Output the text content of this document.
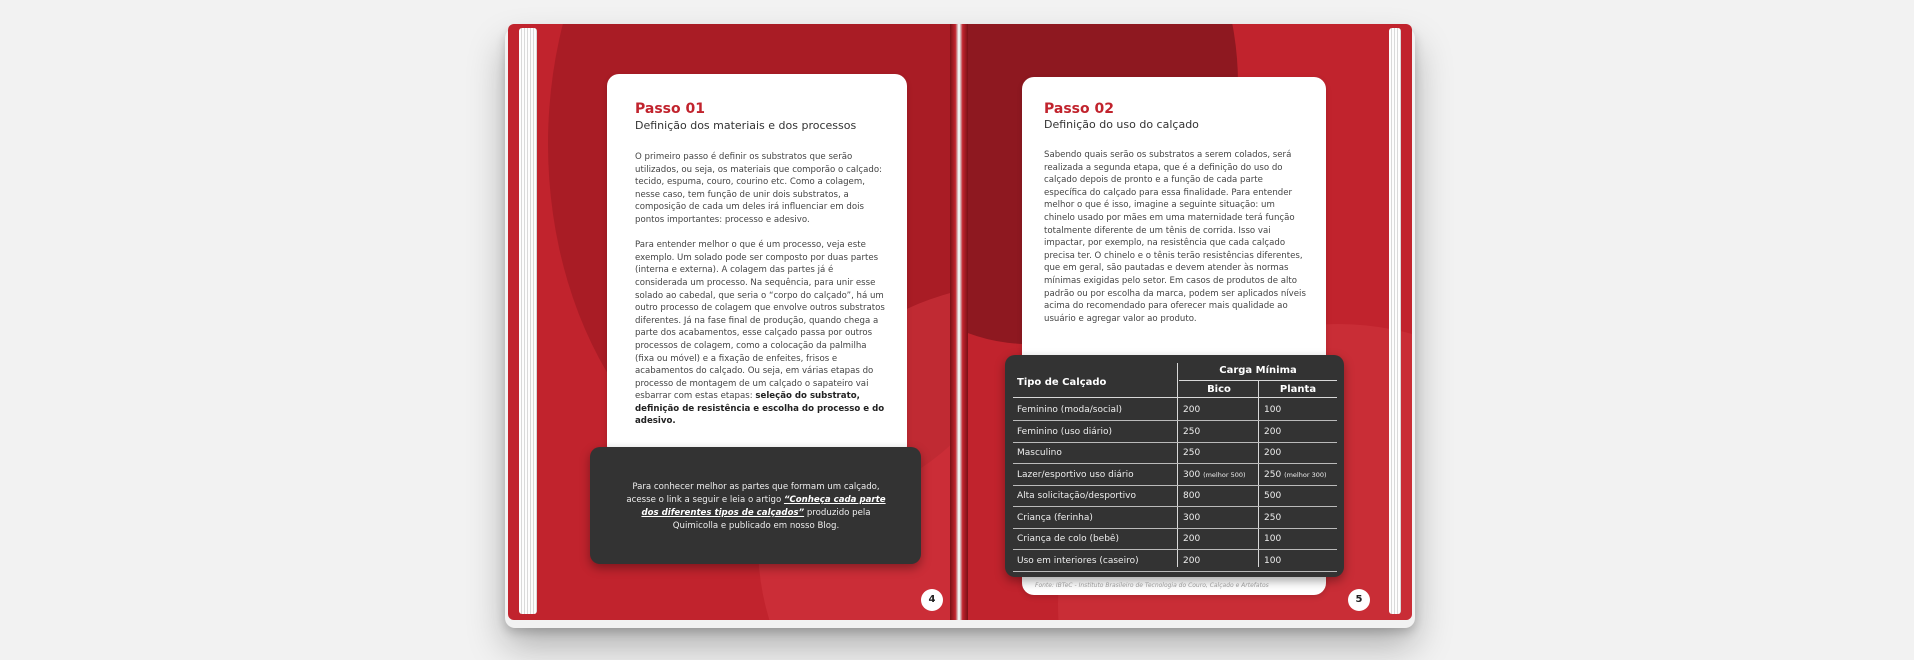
Passo 01
Definição dos materiais e dos processos

O primeiro passo é definir os substratos que serão utilizados, ou seja, os materiais que comporão o calçado: tecido, espuma, couro, courino etc. Como a colagem, nesse caso, tem função de unir dois substratos, a composição de cada um deles irá influenciar em dois pontos importantes: processo e adesivo.

Para entender melhor o que é um processo, veja este exemplo. Um solado pode ser composto por duas partes (interna e externa). A colagem das partes já é considerada um processo. Na sequência, para unir esse solado ao cabedal, que seria o “corpo do calçado”, há um outro processo de colagem que envolve outros substratos diferentes. Já na fase final de produção, quando chega a parte dos acabamentos, esse calçado passa por outros processos de colagem, como a colocação da palmilha (fixa ou móvel) e a fixação de enfeites, frisos e acabamentos do calçado. Ou seja, em várias etapas do processo de montagem de um calçado o sapateiro vai esbarrar com estas etapas: seleção do substrato, definição de resistência e escolha do processo e do adesivo.

Para conhecer melhor as partes que formam um calçado, acesse o link a seguir e leia o artigo “Conheça cada parte dos diferentes tipos de calçados” produzido pela Quimicolla e publicado em nosso Blog.
Passo 02
Definição do uso do calçado

Sabendo quais serão os substratos a serem colados, será realizada a segunda etapa, que é a definição do uso do calçado depois de pronto e a função de cada parte específica do calçado para essa finalidade. Para entender melhor o que é isso, imagine a seguinte situação: um chinelo usado por mães em uma maternidade terá função totalmente diferente de um tênis de corrida. Isso vai impactar, por exemplo, na resistência que cada calçado precisa ter. O chinelo e o tênis terão resistências diferentes, que em geral, são pautadas e devem atender às normas mínimas exigidas pelo setor. Em casos de produtos de alto padrão ou por escolha da marca, podem ser aplicados níveis acima do recomendado para oferecer mais qualidade ao usuário e agregar valor ao produto.

Tipo de Calçado
Carga Mínima
Bico	Planta
Feminino (moda/social)	200	100
Feminino (uso diário)	250	200
Masculino	250	200
Lazer/esportivo uso diário	300 (melhor 500) 250 (melhor 300)
Alta solicitação/desportivo	800	500
Criança (ferinha)	300	250
Criança de colo (bebê)	200	100
Uso em interiores (caseiro)	200	100
Fonte: IBTeC - Instituto Brasileiro de Tecnologia do Couro, Calçado e Artefatos
4	5
